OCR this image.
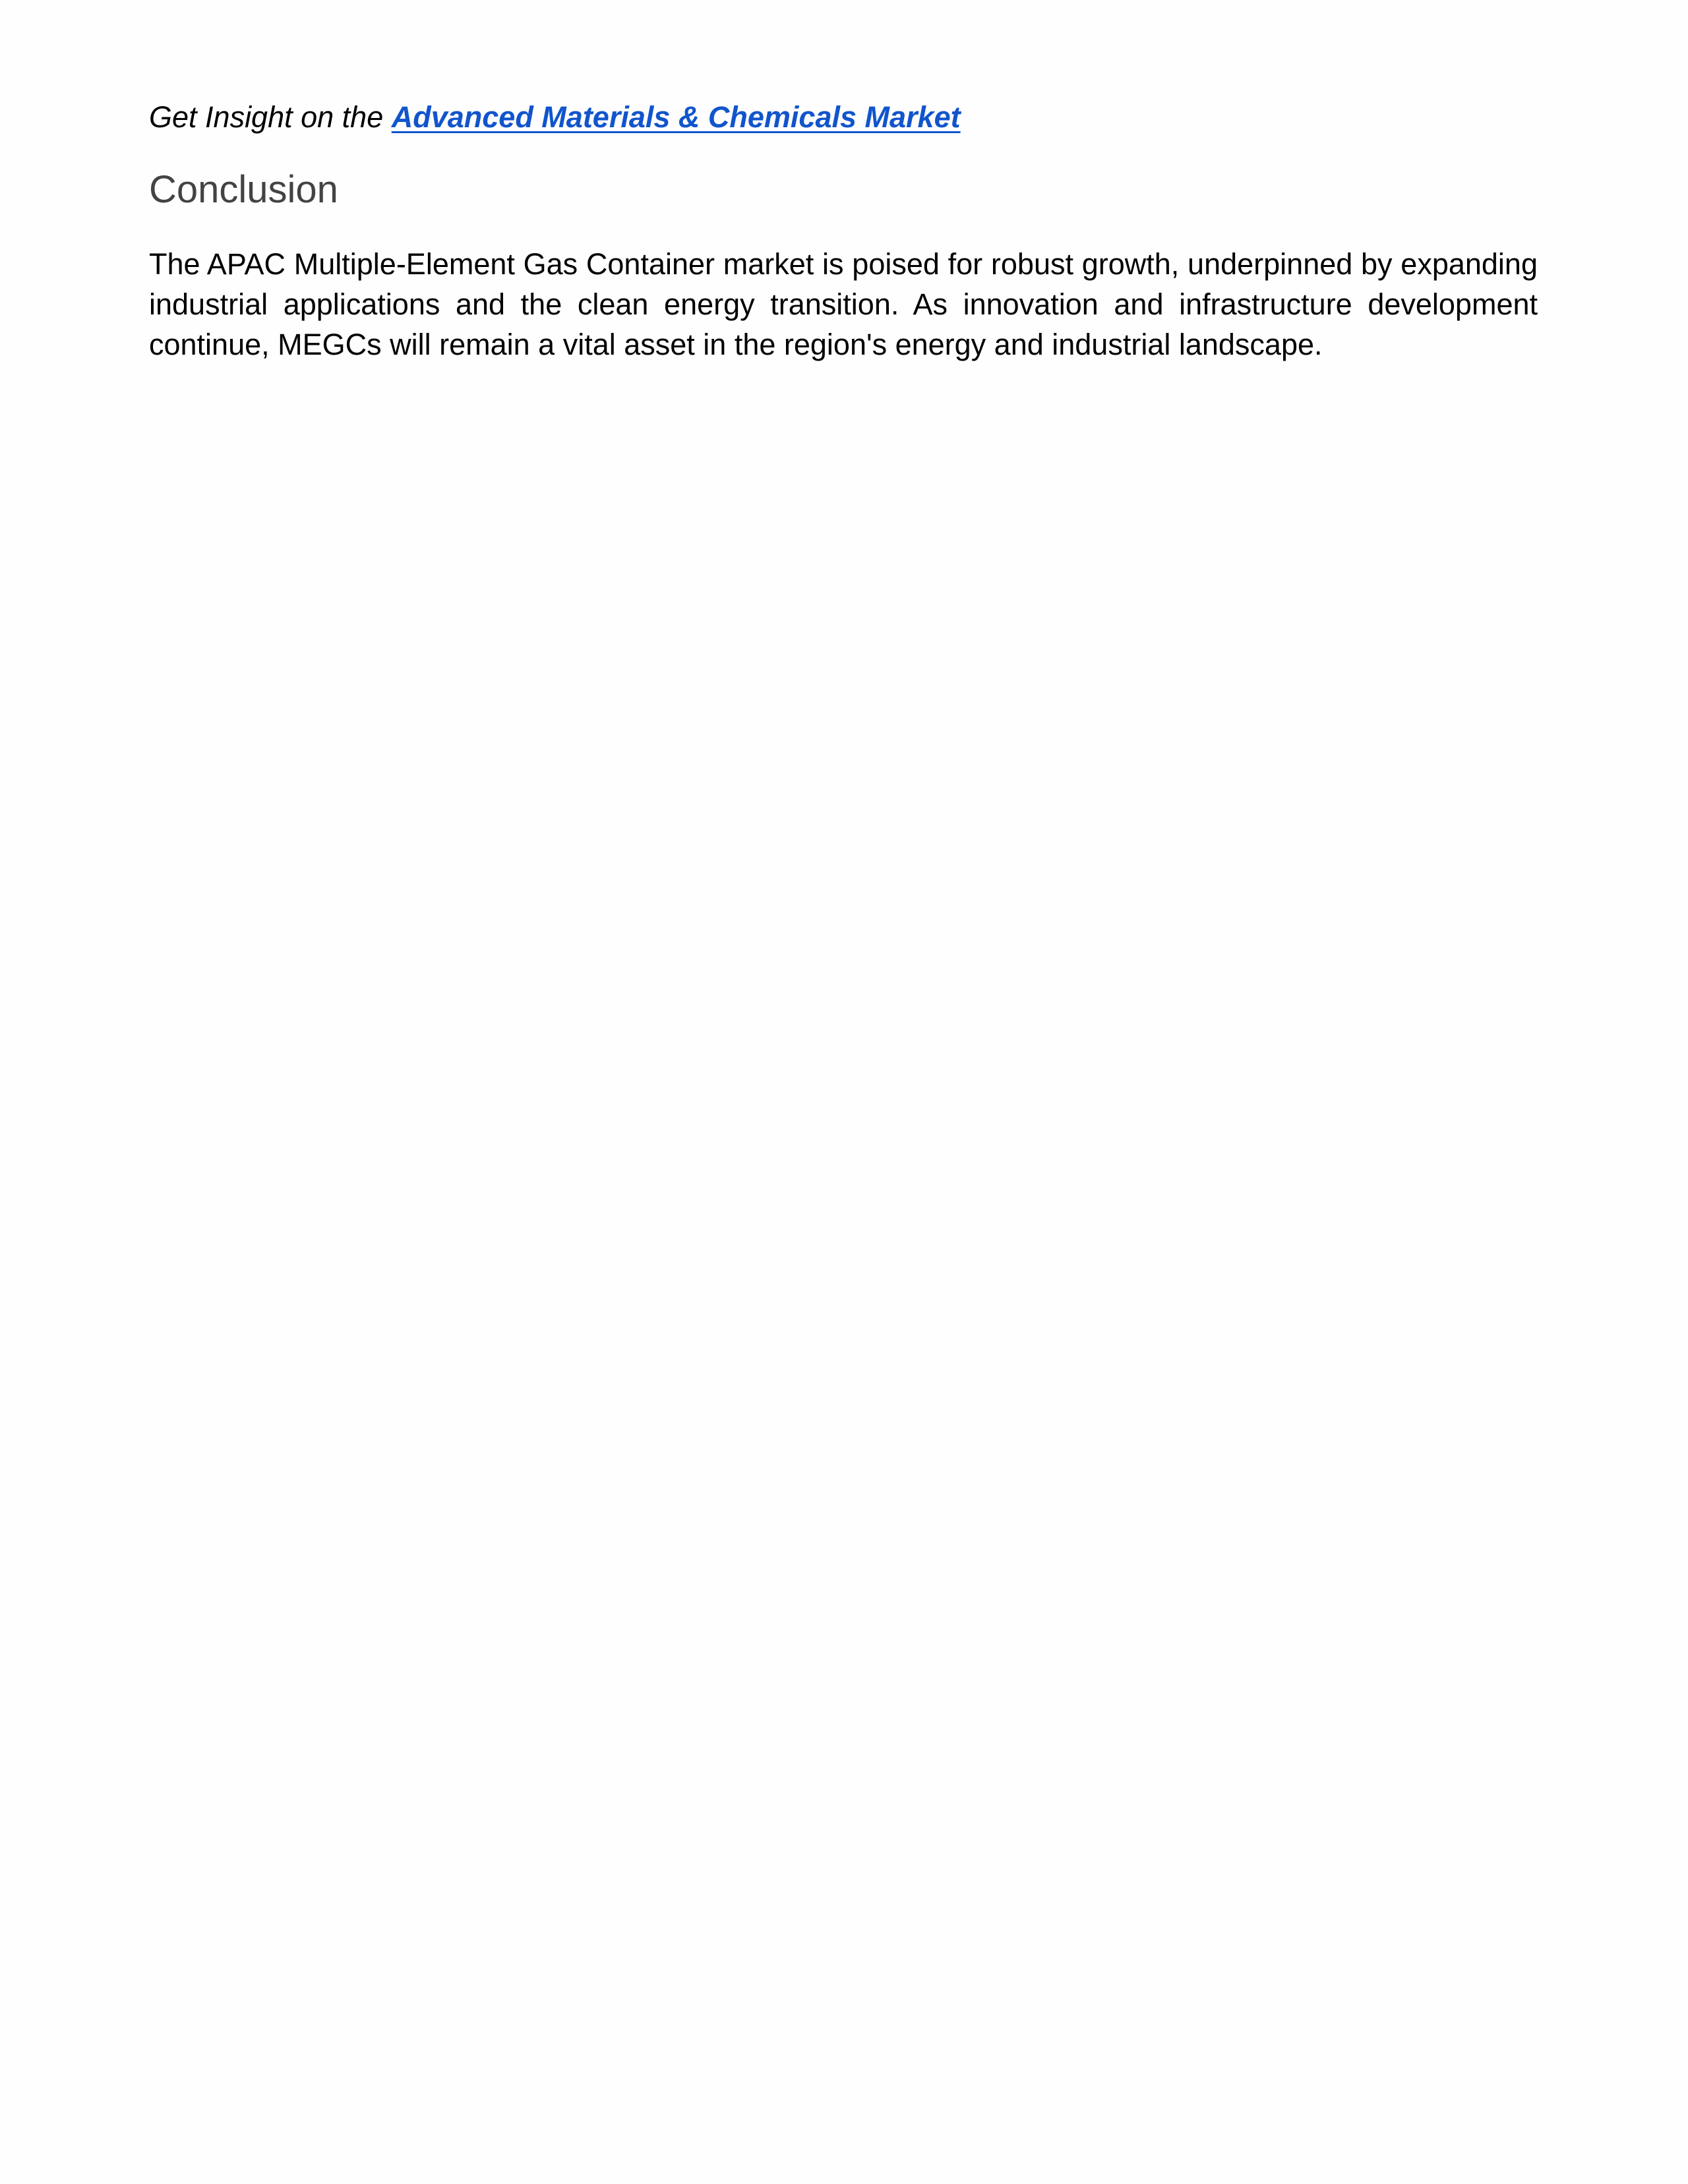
Get Insight on the Advanced Materials & Chemicals Market
Conclusion

The APAC Multiple-Element Gas Container market is poised for robust growth, underpinned by expanding industrial applications and the clean energy transition. As innovation and infrastructure development continue, MEGCs will remain a vital asset in the region's energy and industrial landscape.
